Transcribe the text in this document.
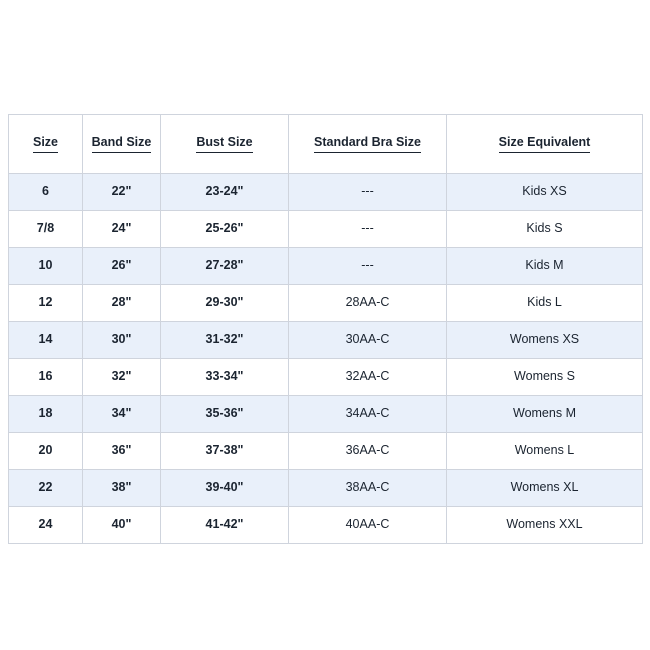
Size	Band Size	Bust Size	Standard Bra Size	Size Equivalent
6	22"	23-24"	---	Kids XS
7/8	24"	25-26"	---	Kids S
10	26"	27-28"	---	Kids M
12	28"	29-30"	28AA-C	Kids L
14	30"	31-32"	30AA-C	Womens XS
16	32"	33-34"	32AA-C	Womens S
18	34"	35-36"	34AA-C	Womens M
20	36"	37-38"	36AA-C	Womens L
22	38"	39-40"	38AA-C	Womens XL
24	40"	41-42"	40AA-C	Womens XXL
